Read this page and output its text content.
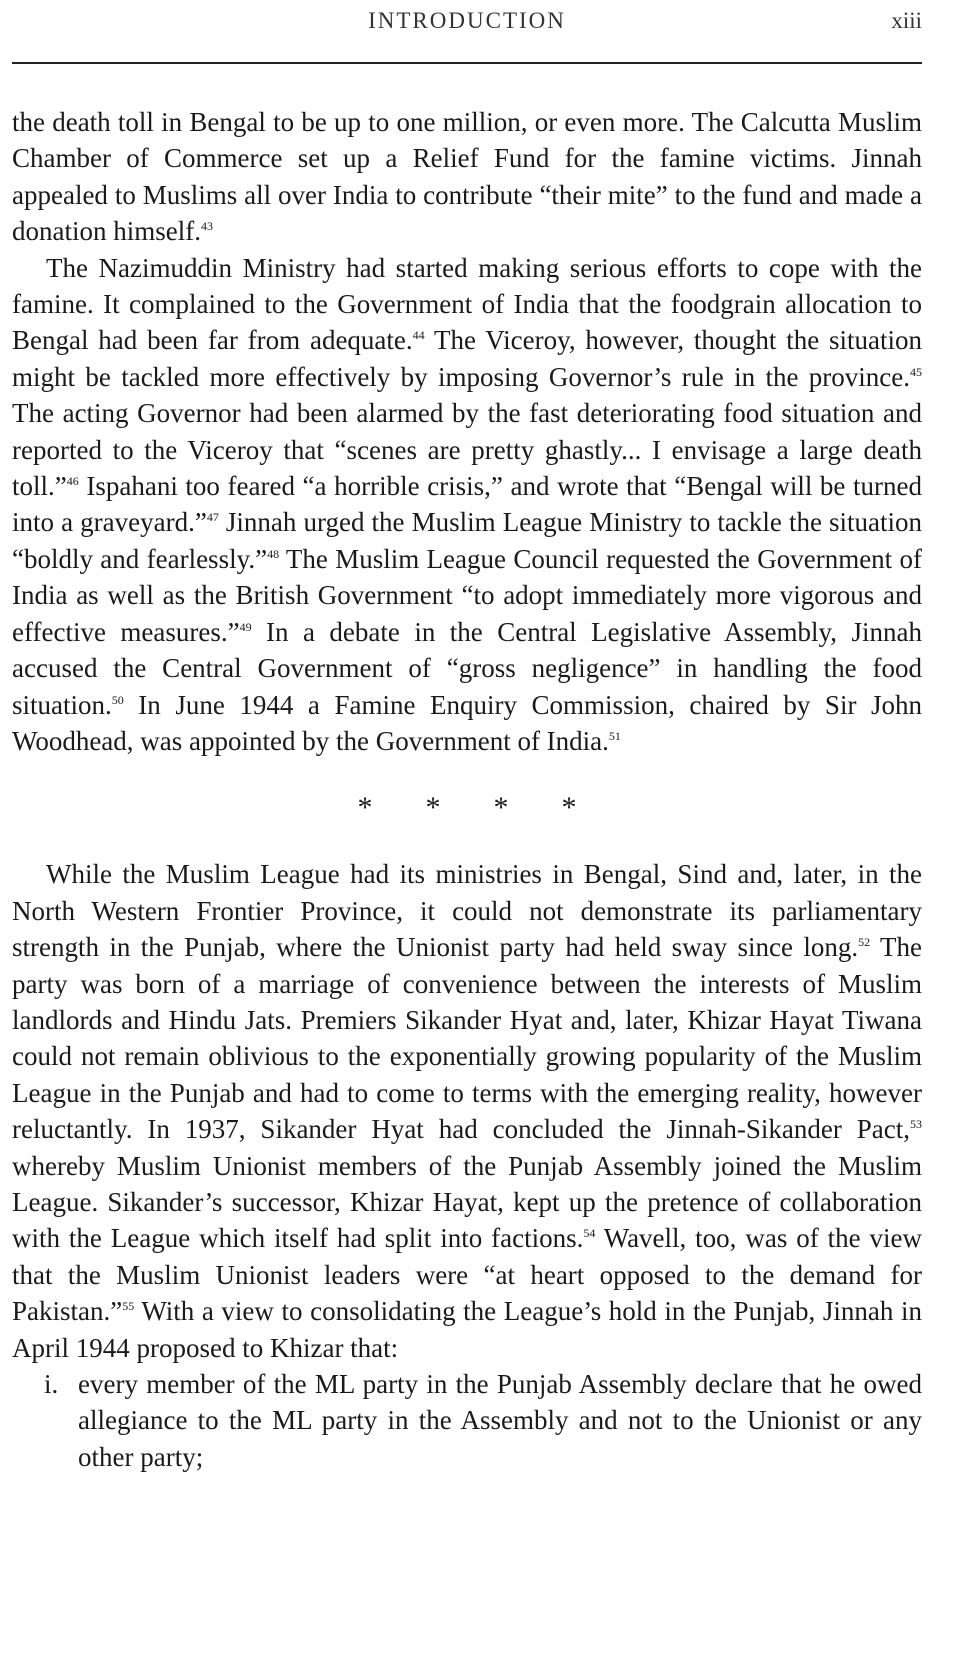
INTRODUCTION	xiii

the death toll in Bengal to be up to one million, or even more. The Calcutta Muslim Chamber of Commerce set up a Relief Fund for the famine victims. Jinnah appealed to Muslims all over India to contribute “their mite” to the fund and made a donation himself.$^{43}$

The Nazimuddin Ministry had started making serious efforts to cope with the famine. It complained to the Government of India that the foodgrain allocation to Bengal had been far from adequate.$^{44}$ The Viceroy, however, thought the situation might be tackled more effectively by imposing Governor’s rule in the province.$^{45}$ The acting Governor had been alarmed by the fast deteriorating food situation and reported to the Viceroy that “scenes are pretty ghastly... I envisage a large death toll.”$^{46}$ Ispahani too feared “a horrible crisis,” and wrote that “Bengal will be turned into a graveyard.”$^{47}$ Jinnah urged the Muslim League Ministry to tackle the situation “boldly and fearlessly.”$^{48}$ The Muslim League Council requested the Government of India as well as the British Government “to adopt immediately more vigorous and effective measures.”$^{49}$ In a debate in the Central Legislative Assembly, Jinnah accused the Central Government of “gross negligence” in handling the food situation.$^{50}$ In June 1944 a Famine Enquiry Commission, chaired by Sir John Woodhead, was appointed by the Government of India.$^{51}$

* * * *

While the Muslim League had its ministries in Bengal, Sind and, later, in the North Western Frontier Province, it could not demonstrate its parliamentary strength in the Punjab, where the Unionist party had held sway since long.$^{52}$ The party was born of a marriage of convenience between the interests of Muslim landlords and Hindu Jats. Premiers Sikander Hyat and, later, Khizar Hayat Tiwana could not remain oblivious to the exponentially growing popularity of the Muslim League in the Punjab and had to come to terms with the emerging reality, however reluctantly. In 1937, Sikander Hyat had concluded the Jinnah-Sikander Pact,$^{53}$ whereby Muslim Unionist members of the Punjab Assembly joined the Muslim League. Sikander’s successor, Khizar Hayat, kept up the pretence of collaboration with the League which itself had split into factions.$^{54}$ Wavell, too, was of the view that the Muslim Unionist leaders were “at heart opposed to the demand for Pakistan.”$^{55}$ With a view to consolidating the League’s hold in the Punjab, Jinnah in April 1944 proposed to Khizar that:

i. every member of the ML party in the Punjab Assembly declare that he owed allegiance to the ML party in the Assembly and not to the Unionist or any other party;
